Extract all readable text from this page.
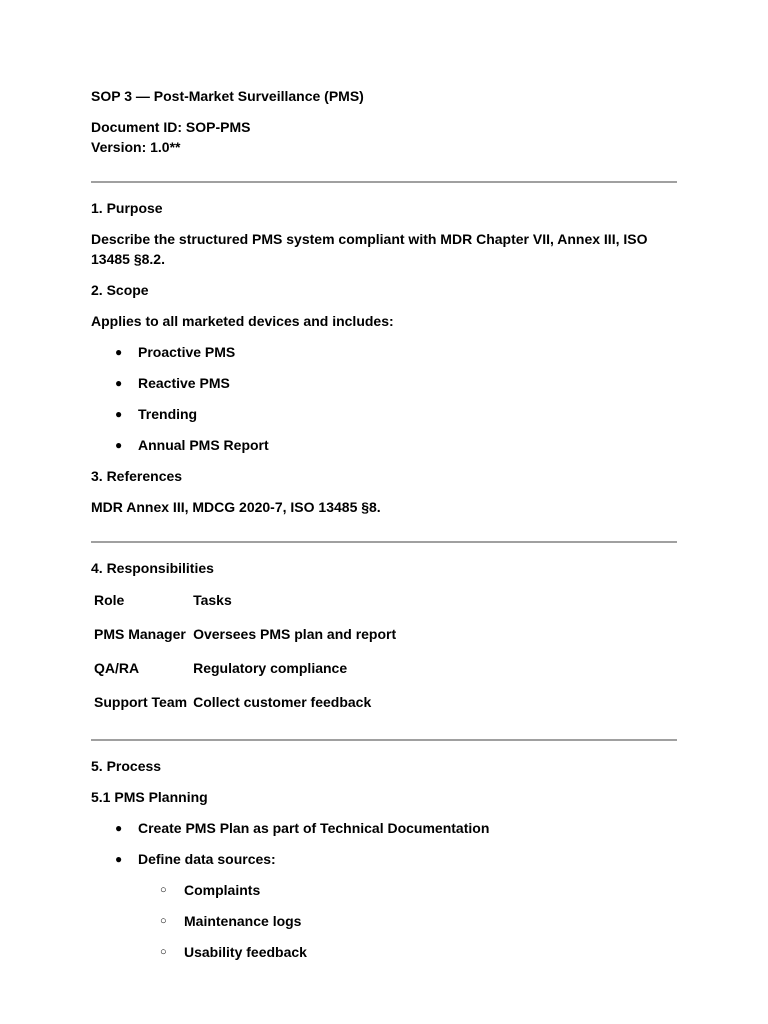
SOP 3 — Post-Market Surveillance (PMS)

Document ID: SOP-PMS

Version: 1.0**

1. Purpose

Describe the structured PMS system compliant with MDR Chapter VII, Annex III, ISO 13485 §8.2.

2. Scope

Applies to all marketed devices and includes:

● Proactive PMS
● Reactive PMS
● Trending
● Annual PMS Report

3. References

MDR Annex III, MDCG 2020-7, ISO 13485 §8.

4. Responsibilities

Role	Tasks
PMS Manager	Oversees PMS plan and report
QA/RA	Regulatory compliance
Support Team	Collect customer feedback

5. Process

5.1 PMS Planning

● Create PMS Plan as part of Technical Documentation
● Define data sources:
○ Complaints
○ Maintenance logs
○ Usability feedback
